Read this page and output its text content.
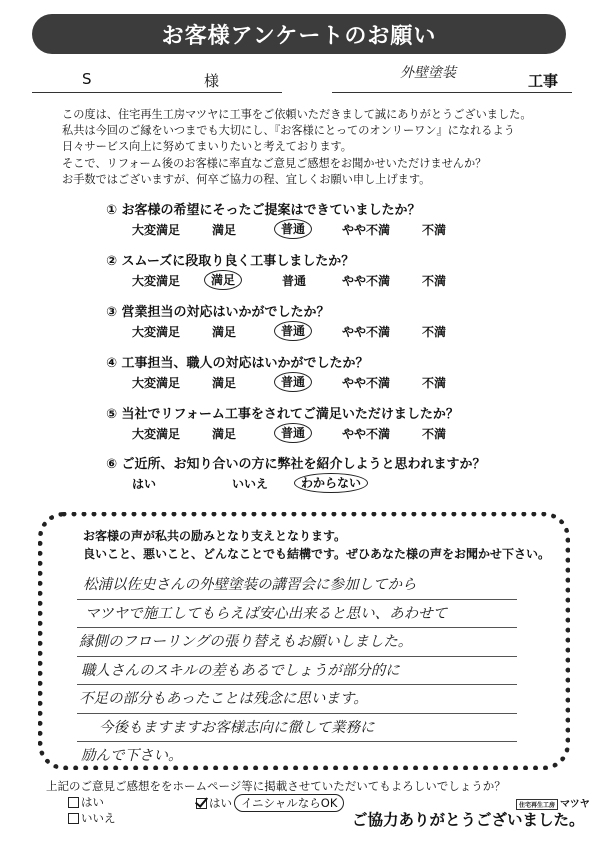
お客様アンケートのお願い
S	様	外壁塗装	工事
この度は、住宅再生工房マツヤに工事をご依頼いただきまして誠にありがとうございました。
私共は今回のご縁をいつまでも大切にし、『お客様にとってのオンリーワン』になれるよう
日々サービス向上に努めてまいりたいと考えております。
そこで、リフォーム後のお客様に率直なご意見ご感想をお聞かせいただけませんか？
お手数ではございますが、何卒ご協力の程、宜しくお願い申し上げます。
① お客様の希望にそったご提案はできていましたか？
大変満足	満足	普通	やや不満	不満
② スムーズに段取り良く工事しましたか？
大変満足	満足	普通	やや不満	不満
③ 営業担当の対応はいかがでしたか？
大変満足	満足	普通	やや不満	不満
④ 工事担当、職人の対応はいかがでしたか？
大変満足	満足	普通	やや不満	不満
⑤ 当社でリフォーム工事をされてご満足いただけましたか？
大変満足	満足	普通	やや不満	不満
⑥ ご近所、お知り合いの方に弊社を紹介しようと思われますか？
はい	いいえ	わからない
お客様の声が私共の励みとなり支えとなります。
良いこと、悪いこと、どんなことでも結構です。ぜひあなた様の声をお聞かせ下さい。
松浦以佐史さんの外壁塗装の講習会に参加してから
マツヤで施工してもらえば安心出来ると思い、あわせて
縁側のフローリングの張り替えもお願いしました。
職人さんのスキルの差もあるでしょうが部分的に
不足の部分もあったことは残念に思います。
今後もますますお客様志向に徹して業務に
励んで下さい。
上記のご意見ご感想ををホームページ等に掲載させていただいてもよろしいでしょうか？
はい
いいえ
はい イニシャルならOK	住宅再生工房 マツヤ
ご協力ありがとうございました。
